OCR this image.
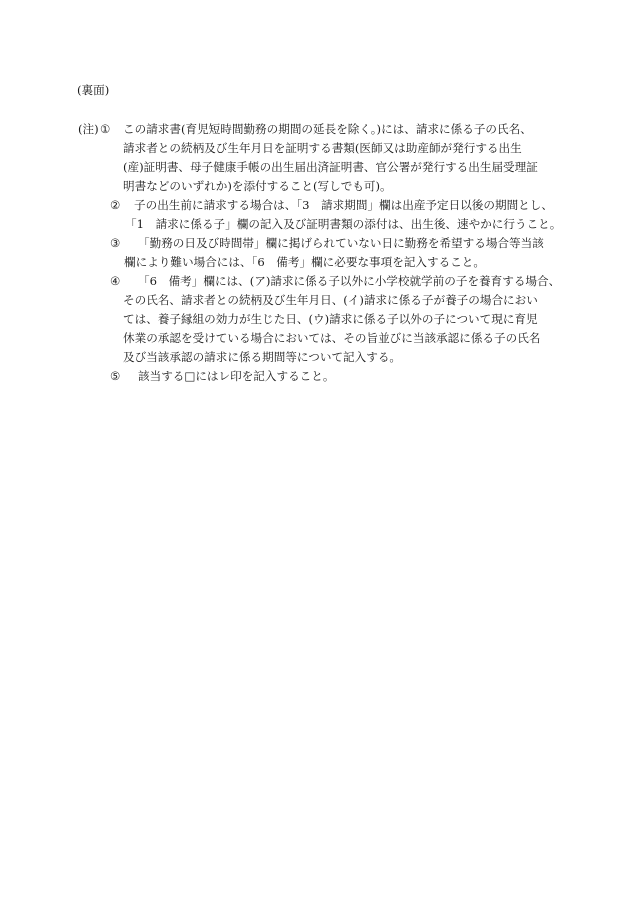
(裏面)
(注) ①	この請求書(育児短時間勤務の期間の延長を除く。)には、請求に係る子の氏名、
請求者との続柄及び生年月日を証明する書類(医師又は助産師が発行する出生
(産)証明書、母子健康手帳の出生届出済証明書、官公署が発行する出生届受理証
明書などのいずれか)を添付すること(写しでも可)。
②	子の出生前に請求する場合は、「3　請求期間」欄は出産予定日以後の期間とし、
「1　請求に係る子」欄の記入及び証明書類の添付は、出生後、速やかに行うこと。
③	「勤務の日及び時間帯」欄に掲げられていない日に勤務を希望する場合等当該
欄により難い場合には、「6　備考」欄に必要な事項を記入すること。
④	「6　備考」欄には、(ア)請求に係る子以外に小学校就学前の子を養育する場合、
その氏名、請求者との続柄及び生年月日、(イ)請求に係る子が養子の場合におい
ては、養子縁組の効力が生じた日、(ウ)請求に係る子以外の子について現に育児
休業の承認を受けている場合においては、その旨並びに当該承認に係る子の氏名
及び当該承認の請求に係る期間等について記入する。
⑤	該当する□にはレ印を記入すること。
